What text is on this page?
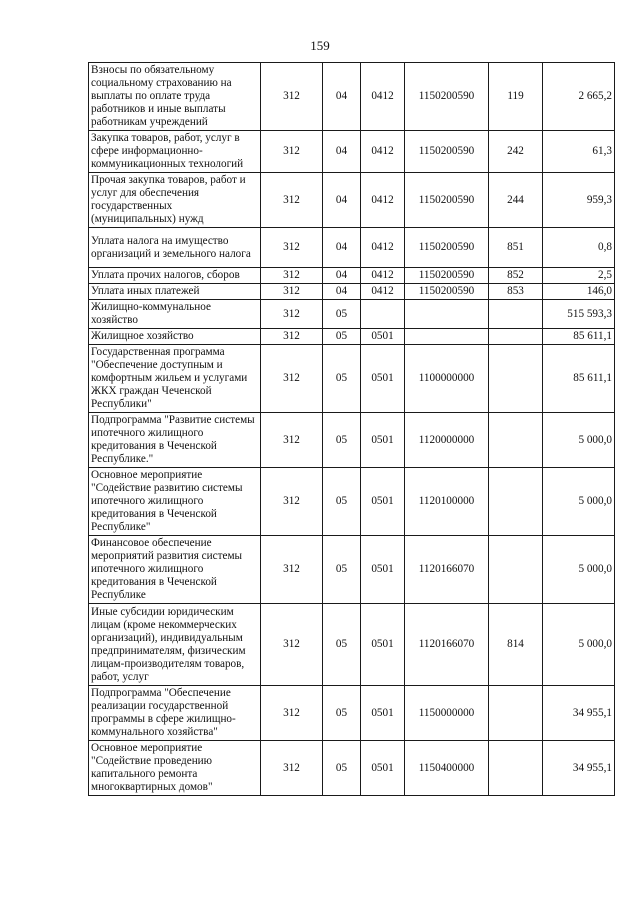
159
Взносы по обязательному социальному страхованию на выплаты по оплате труда работников и иные выплаты работникам учреждений	312	04	0412	1150200590	119	2 665,2
Закупка товаров, работ, услуг в сфере информационно-коммуникационных технологий	312	04	0412	1150200590	242	61,3
Прочая закупка товаров, работ и услуг для обеспечения государственных (муниципальных) нужд	312	04	0412	1150200590	244	959,3
Уплата налога на имущество организаций и земельного налога	312	04	0412	1150200590	851	0,8
Уплата прочих налогов, сборов	312	04	0412	1150200590	852	2,5
Уплата иных платежей	312	04	0412	1150200590	853	146,0
Жилищно-коммунальное хозяйство	312	05				515 593,3
Жилищное хозяйство	312	05	0501			85 611,1
Государственная программа "Обеспечение доступным и комфортным жильем и услугами ЖКХ граждан Чеченской Республики"	312	05	0501	1100000000		85 611,1
Подпрограмма "Развитие системы ипотечного жилищного кредитования в Чеченской Республике."	312	05	0501	1120000000		5 000,0
Основное мероприятие "Содействие развитию системы ипотечного жилищного кредитования в Чеченской Республике"	312	05	0501	1120100000		5 000,0
Финансовое обеспечение мероприятий развития системы ипотечного жилищного кредитования в Чеченской Республике	312	05	0501	1120166070		5 000,0
Иные субсидии юридическим лицам (кроме некоммерческих организаций), индивидуальным предпринимателям, физическим лицам-производителям товаров, работ, услуг	312	05	0501	1120166070	814	5 000,0
Подпрограмма "Обеспечение реализации государственной программы в сфере жилищно-коммунального хозяйства"	312	05	0501	1150000000		34 955,1
Основное мероприятие "Содействие проведению капитального ремонта многоквартирных домов"	312	05	0501	1150400000		34 955,1
